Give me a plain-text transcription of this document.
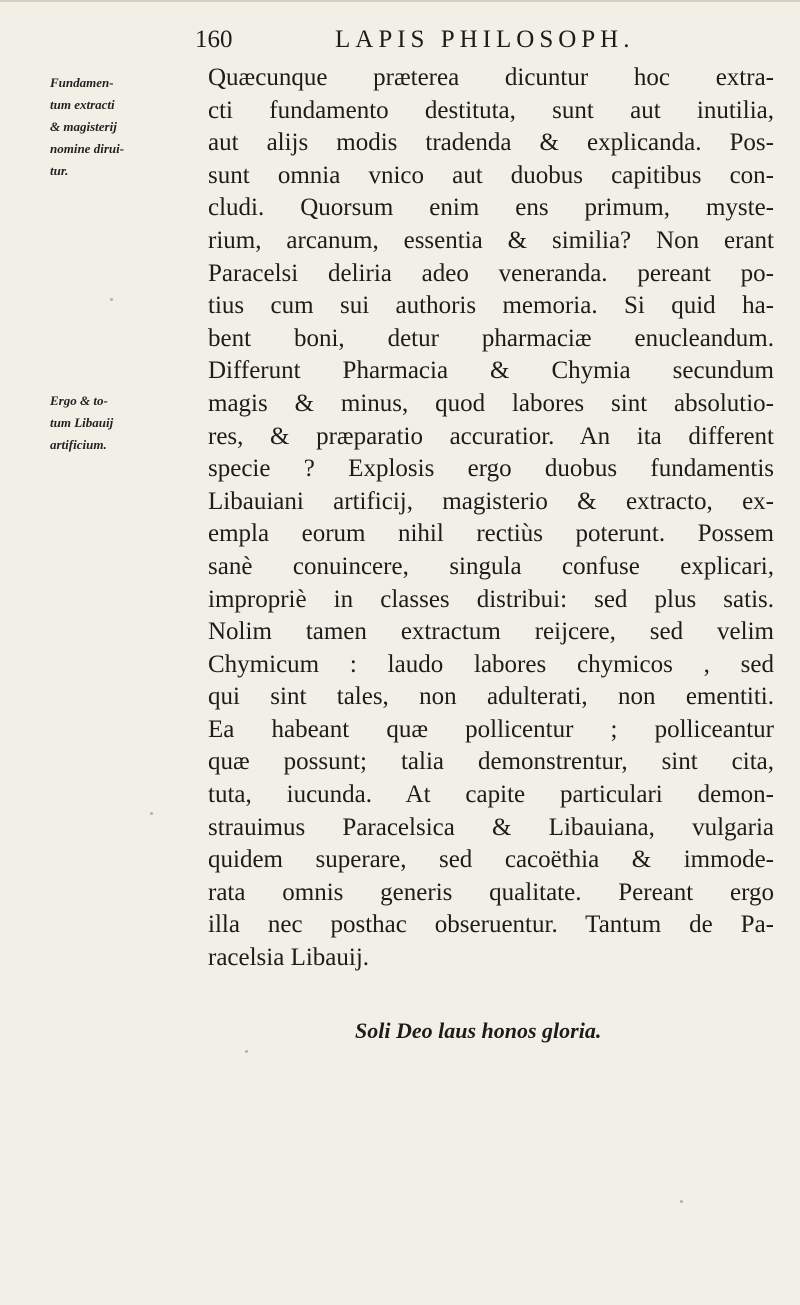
160	LAPIS PHILOSOPH.
Fundamen-
tum extracti
& magisterij
nomine dirui-
tur.
Ergo & to-
tum Libauij
artificium.
Quæcunque præterea dicuntur hoc extra-
cti fundamento destituta, sunt aut inutilia,
aut alijs modis tradenda & explicanda. Pos-
sunt omnia vnico aut duobus capitibus con-
cludi. Quorsum enim ens primum, myste-
rium, arcanum, essentia & similia? Non erant
Paracelsi deliria adeo veneranda. pereant po-
tius cum sui authoris memoria. Si quid ha-
bent boni, detur pharmaciæ enucleandum.
Differunt Pharmacia & Chymia secundum
magis & minus, quod labores sint absolutio-
res, & præparatio accuratior. An ita different
specie ? Explosis ergo duobus fundamentis
Libauiani artificij, magisterio & extracto, ex-
empla eorum nihil rectiùs poterunt. Possem
sanè conuincere, singula confuse explicari,
impropriè in classes distribui: sed plus satis.
Nolim tamen extractum reijcere, sed velim
Chymicum : laudo labores chymicos , sed
qui sint tales, non adulterati, non ementiti.
Ea habeant quæ pollicentur ; polliceantur
quæ possunt; talia demonstrentur, sint cita,
tuta, iucunda. At capite particulari demon-
strauimus Paracelsica & Libauiana, vulgaria
quidem superare, sed cacoëthia & immode-
rata omnis generis qualitate. Pereant ergo
illa nec posthac obseruentur. Tantum de Pa-
racelsia Libauij.
Soli Deo laus honos gloria.
